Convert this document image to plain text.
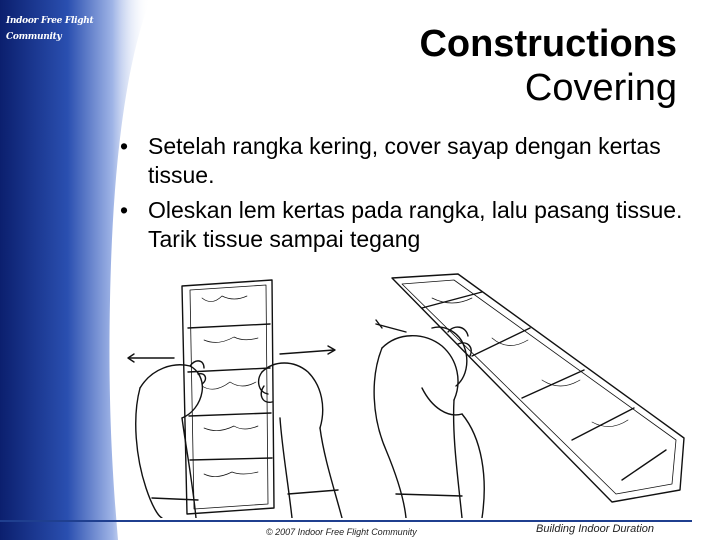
Indoor Free Flight
Community	Constructions
Covering
• Setelah rangka kering, cover sayap dengan kertas tissue.
• Oleskan lem kertas pada rangka, lalu pasang tissue. Tarik tissue sampai tegang
© 2007 Indoor Free Flight Community	Building Indoor Duration
